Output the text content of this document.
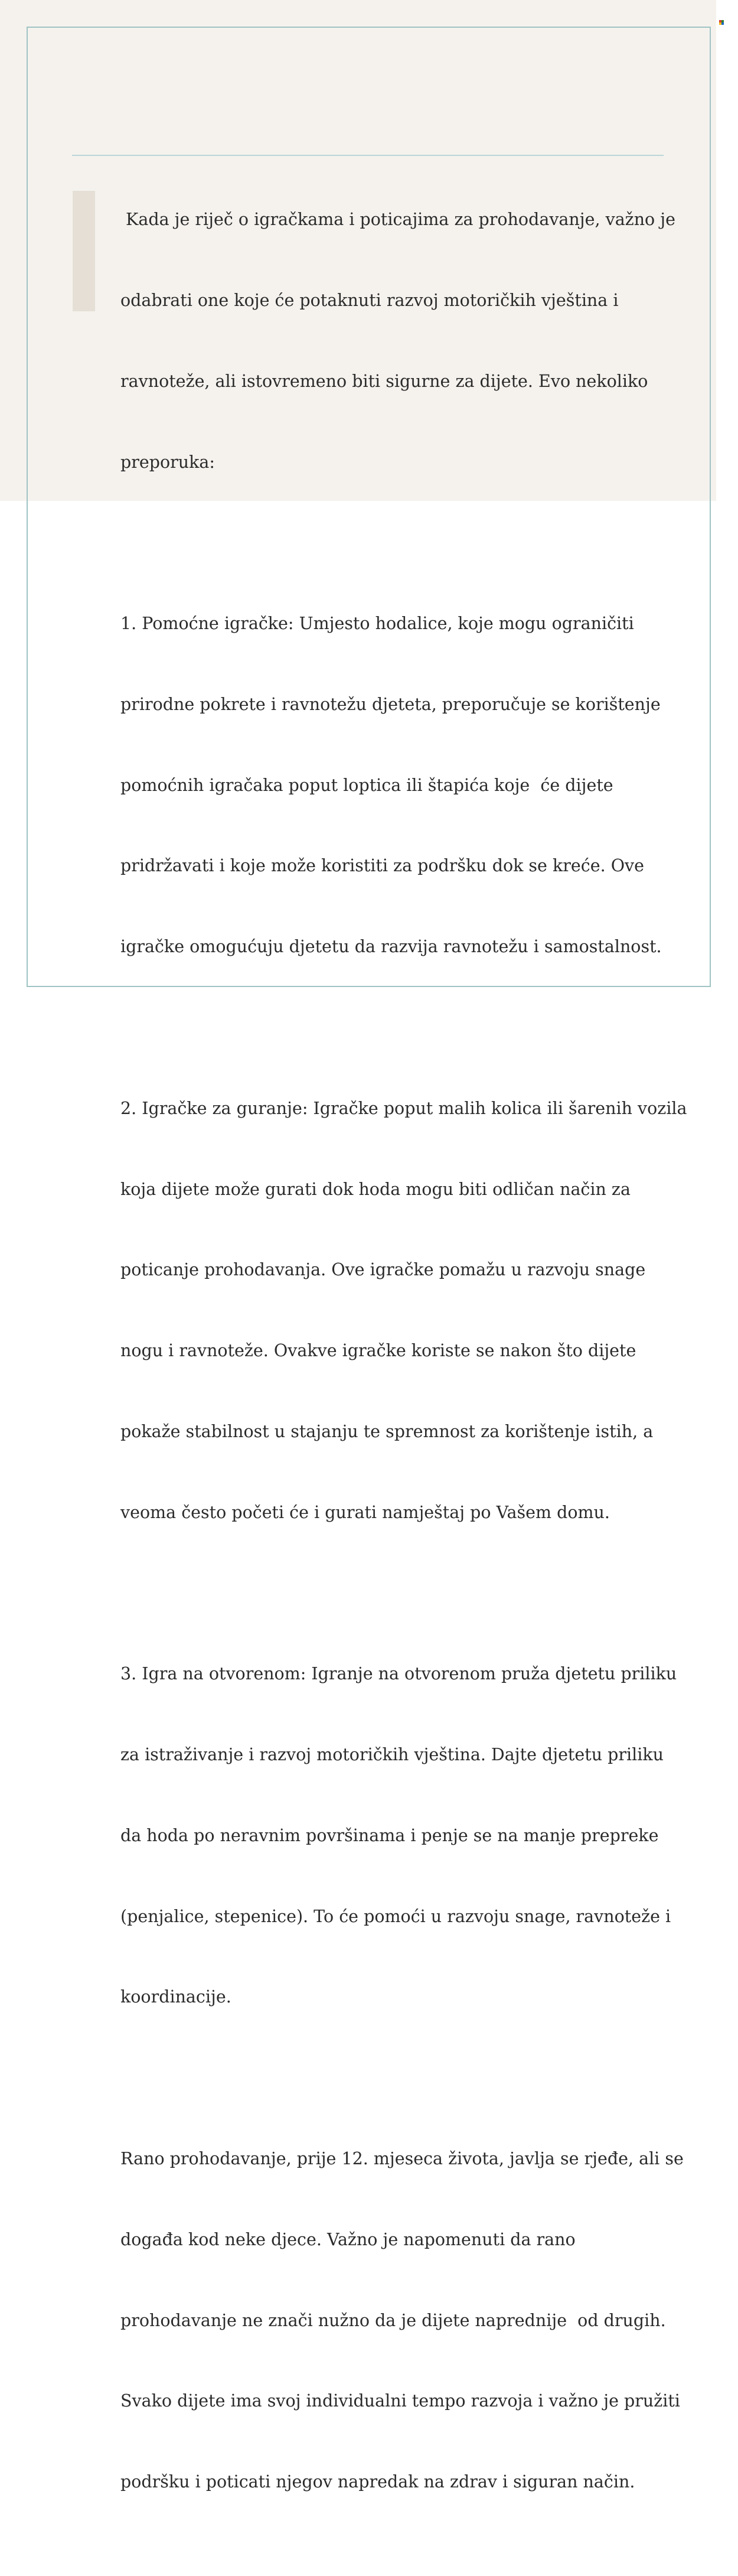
Kada je riječ o igračkama i poticajima za prohodavanje, važno je

odabrati one koje će potaknuti razvoj motoričkih vještina i

ravnoteže, ali istovremeno biti sigurne za dijete. Evo nekoliko

preporuka:

1. Pomoćne igračke: Umjesto hodalice, koje mogu ograničiti

prirodne pokrete i ravnotežu djeteta, preporučuje se korištenje

pomoćnih igračaka poput loptica ili štapića koje  će dijete

pridržavati i koje može koristiti za podršku dok se kreće. Ove

igračke omogućuju djetetu da razvija ravnotežu i samostalnost.

2. Igračke za guranje: Igračke poput malih kolica ili šarenih vozila

koja dijete može gurati dok hoda mogu biti odličan način za

poticanje prohodavanja. Ove igračke pomažu u razvoju snage

nogu i ravnoteže. Ovakve igračke koriste se nakon što dijete

pokaže stabilnost u stajanju te spremnost za korištenje istih, a

veoma često početi će i gurati namještaj po Vašem domu.

3. Igra na otvorenom: Igranje na otvorenom pruža djetetu priliku

za istraživanje i razvoj motoričkih vještina. Dajte djetetu priliku

da hoda po neravnim površinama i penje se na manje prepreke

(penjalice, stepenice). To će pomoći u razvoju snage, ravnoteže i

koordinacije.

Rano prohodavanje, prije 12. mjeseca života, javlja se rjeđe, ali se

događa kod neke djece. Važno je napomenuti da rano

prohodavanje ne znači nužno da je dijete naprednije  od drugih.

Svako dijete ima svoj individualni tempo razvoja i važno je pružiti

podršku i poticati njegov napredak na zdrav i siguran način.
